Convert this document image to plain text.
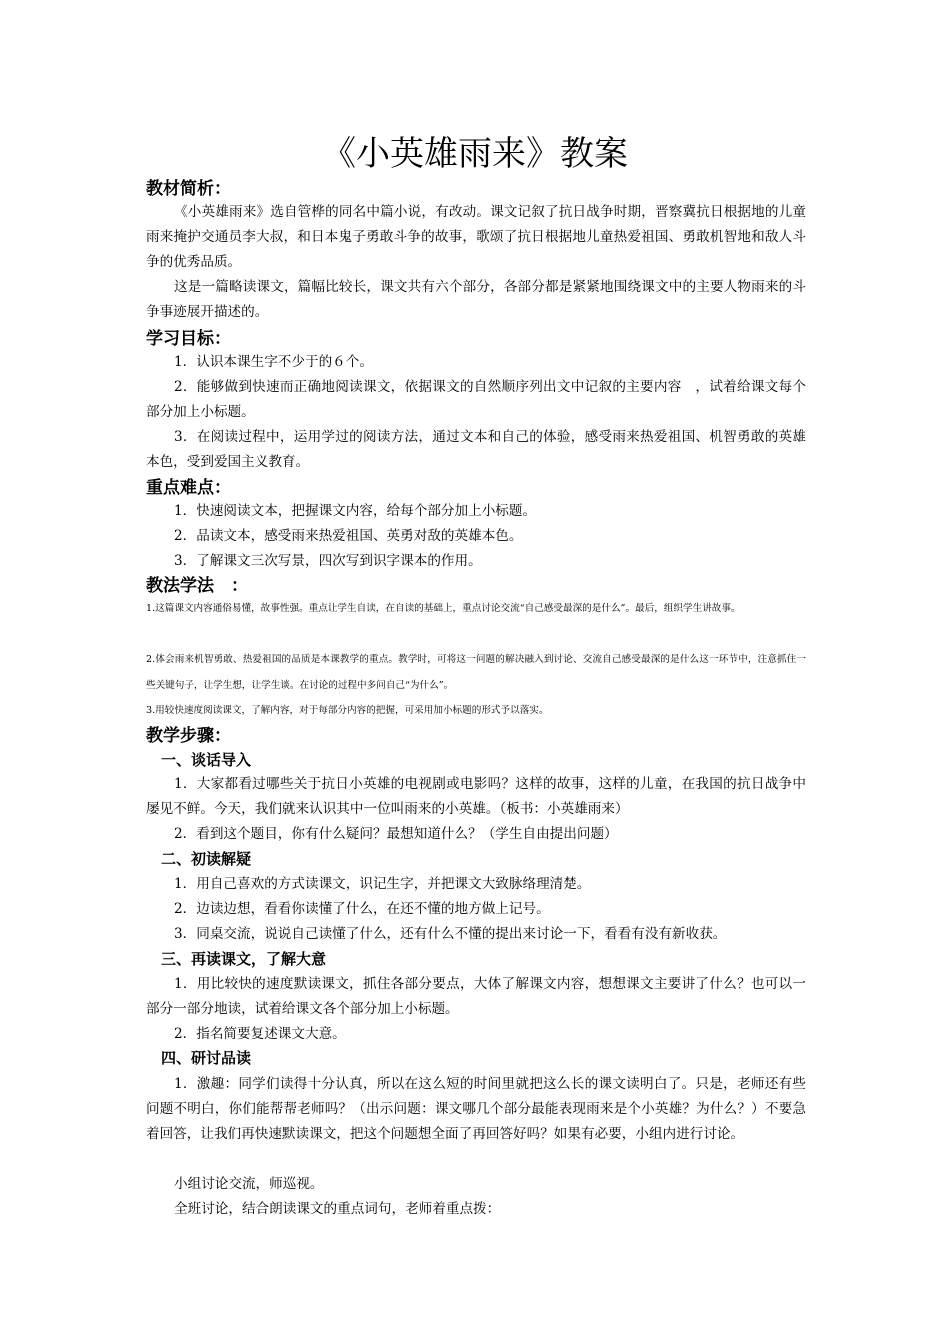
《小英雄雨来》教案
教材简析：
《小英雄雨来》选自管桦的同名中篇小说，有改动。课文记叙了抗日战争时期，晋察冀抗日根据地的儿童雨来掩护交通员李大叔，和日本鬼子勇敢斗争的故事，歌颂了抗日根据地儿童热爱祖国、勇敢机智地和敌人斗争的优秀品质。
这是一篇略读课文，篇幅比较长，课文共有六个部分，各部分都是紧紧地围绕课文中的主要人物雨来的斗争事迹展开描述的。
学习目标：
1．认识本课生字不少于的６个。
2．能够做到快速而正确地阅读课文，依据课文的自然顺序列出文中记叙的主要内容　，试着给课文每个部分加上小标题。
3．在阅读过程中，运用学过的阅读方法，通过文本和自己的体验，感受雨来热爱祖国、机智勇敢的英雄本色，受到爱国主义教育。
重点难点：
1．快速阅读文本，把握课文内容，给每个部分加上小标题。
2．品读文本，感受雨来热爱祖国、英勇对敌的英雄本色。
3．了解课文三次写景，四次写到识字课本的作用。
教法学法　：
1.这篇课文内容通俗易懂，故事性强。重点让学生自读，在自读的基础上，重点讨论交流“自己感受最深的是什么”。最后，组织学生讲故事。
2.体会雨来机智勇敢、热爱祖国的品质是本课教学的重点。教学时，可将这一问题的解决融入到讨论、交流自己感受最深的是什么这一环节中，注意抓住一些关键句子，让学生想，让学生谈。在讨论的过程中多问自己“为什么”。
3.用较快速度阅读课文，了解内容，对于每部分内容的把握，可采用加小标题的形式予以落实。
教学步骤：
一、谈话导入
1．大家都看过哪些关于抗日小英雄的电视剧或电影吗？这样的故事，这样的儿童，在我国的抗日战争中屡见不鲜。今天，我们就来认识其中一位叫雨来的小英雄。（板书：小英雄雨来）
2．看到这个题目，你有什么疑问？最想知道什么？（学生自由提出问题）
二、初读解疑
1．用自己喜欢的方式读课文，识记生字，并把课文大致脉络理清楚。
2．边读边想，看看你读懂了什么，在还不懂的地方做上记号。
3．同桌交流，说说自己读懂了什么，还有什么不懂的提出来讨论一下，看看有没有新收获。
三、再读课文，了解大意
1．用比较快的速度默读课文，抓住各部分要点，大体了解课文内容，想想课文主要讲了什么？也可以一部分一部分地读，试着给课文各个部分加上小标题。
2．指名简要复述课文大意。
四、研讨品读
1．激趣：同学们读得十分认真，所以在这么短的时间里就把这么长的课文读明白了。只是，老师还有些问题不明白，你们能帮帮老师吗？（出示问题：课文哪几个部分最能表现雨来是个小英雄？为什么？）不要急着回答，让我们再快速默读课文，把这个问题想全面了再回答好吗？如果有必要，小组内进行讨论。
小组讨论交流，师巡视。
全班讨论，结合朗读课文的重点词句，老师着重点拨：
